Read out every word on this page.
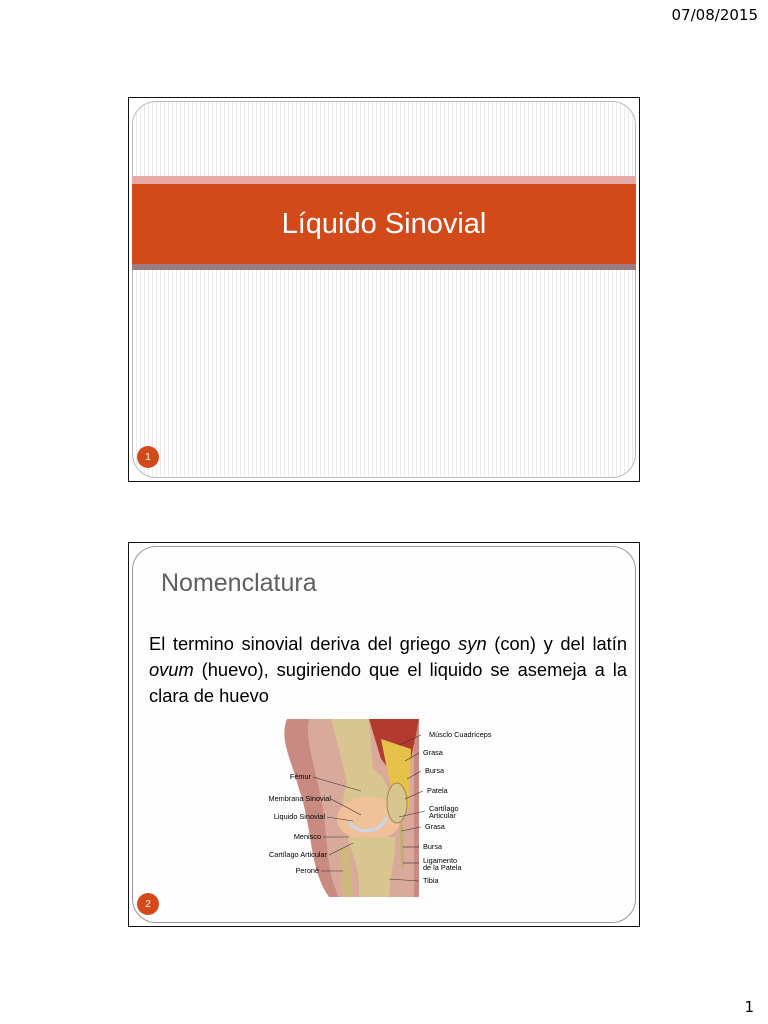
07/08/2015
Líquido Sinovial
1
Nomenclatura
El termino sinovial deriva del griego syn (con) y del latín ovum (huevo), sugiriendo que el liquido se asemeja a la clara de huevo
Músclo Cuadríceps
Grasa
Bursa
Patela
Cartílago
Articular
Grasa
Bursa
Ligamento
de la Patela
Tibia
Fémur
Membrana Sinovial
Liquido Sinovial
Menisco
Cartílago Articular
Peroné
2
1
